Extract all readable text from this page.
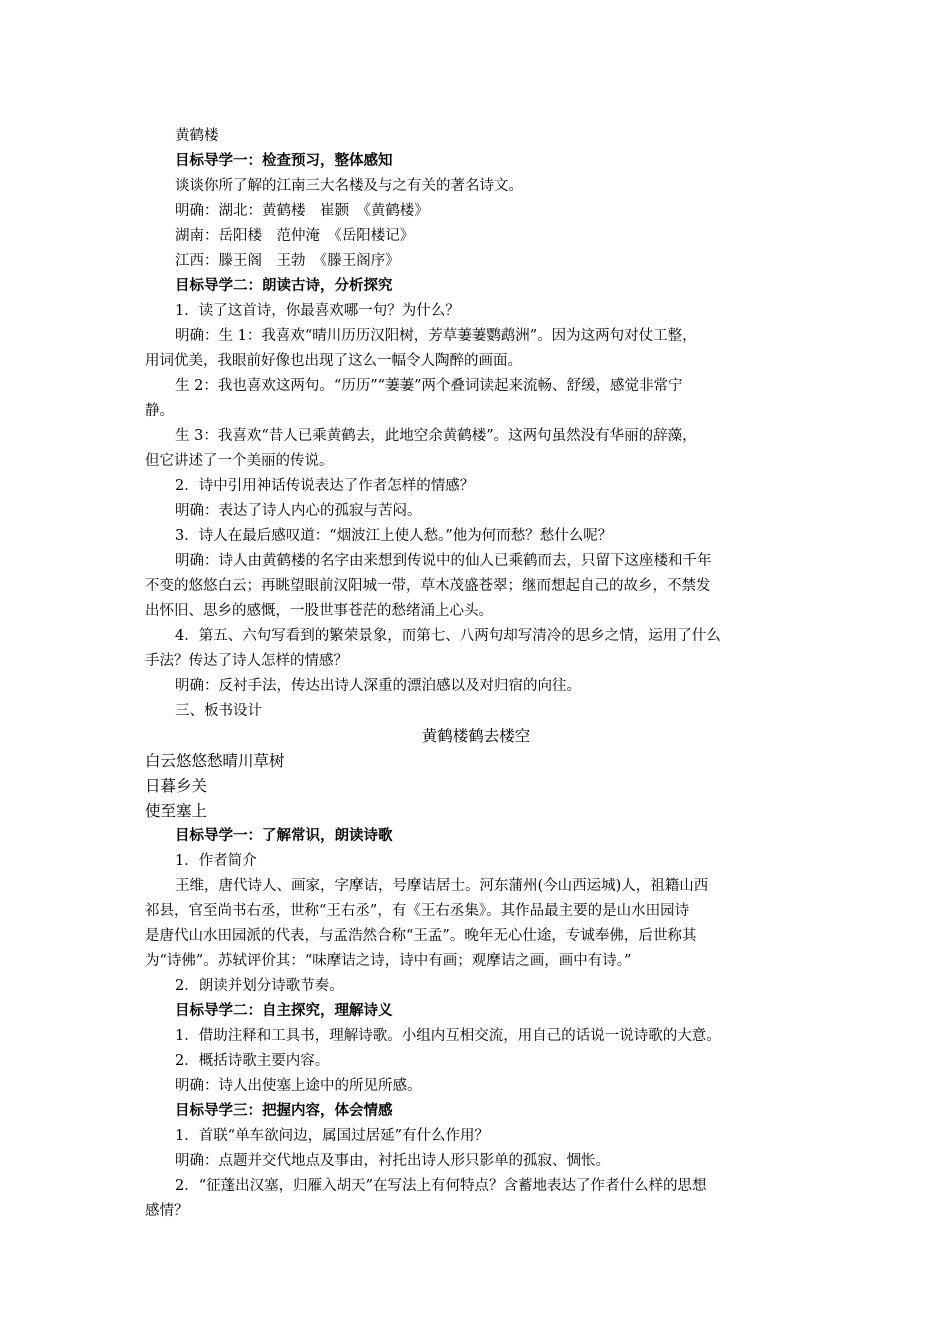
黄鹤楼
目标导学一：检查预习，整体感知
谈谈你所了解的江南三大名楼及与之有关的著名诗文。
明确：湖北：黄鹤楼　崔颢　《黄鹤楼》
湖南：岳阳楼　范仲淹　《岳阳楼记》
江西：滕王阁　王勃　《滕王阁序》
目标导学二：朗读古诗，分析探究
1．读了这首诗，你最喜欢哪一句？为什么？
明确：生 1：我喜欢“晴川历历汉阳树，芳草萋萋鹦鹉洲”。因为这两句对仗工整，
用词优美，我眼前好像也出现了这么一幅令人陶醉的画面。
生 2：我也喜欢这两句。“历历”“萋萋”两个叠词读起来流畅、舒缓，感觉非常宁
静。
生 3：我喜欢“昔人已乘黄鹤去，此地空余黄鹤楼”。这两句虽然没有华丽的辞藻，
但它讲述了一个美丽的传说。
2．诗中引用神话传说表达了作者怎样的情感？
明确：表达了诗人内心的孤寂与苦闷。
3．诗人在最后感叹道：“烟波江上使人愁。”他为何而愁？愁什么呢？
明确：诗人由黄鹤楼的名字由来想到传说中的仙人已乘鹤而去，只留下这座楼和千年
不变的悠悠白云；再眺望眼前汉阳城一带，草木茂盛苍翠；继而想起自己的故乡，不禁发
出怀旧、思乡的感慨，一股世事苍茫的愁绪涌上心头。
4．第五、六句写看到的繁荣景象，而第七、八两句却写清冷的思乡之情，运用了什么
手法？传达了诗人怎样的情感？
明确：反衬手法，传达出诗人深重的漂泊感以及对归宿的向往。
三、板书设计
黄鹤楼鹤去楼空
白云悠悠愁晴川草树
日暮乡关
使至塞上
目标导学一：了解常识，朗读诗歌
1．作者简介
王维，唐代诗人、画家，字摩诘，号摩诘居士。河东蒲州(今山西运城)人，祖籍山西
祁县，官至尚书右丞，世称“王右丞”，有《王右丞集》。其作品最主要的是山水田园诗
是唐代山水田园派的代表，与孟浩然合称“王孟”。晚年无心仕途，专诚奉佛，后世称其
为“诗佛”。苏轼评价其：“味摩诘之诗，诗中有画；观摩诘之画，画中有诗。”
2．朗读并划分诗歌节奏。
目标导学二：自主探究，理解诗义
1．借助注释和工具书，理解诗歌。小组内互相交流，用自己的话说一说诗歌的大意。
2．概括诗歌主要内容。
明确：诗人出使塞上途中的所见所感。
目标导学三：把握内容，体会情感
1．首联“单车欲问边，属国过居延”有什么作用？
明确：点题并交代地点及事由，衬托出诗人形只影单的孤寂、惆怅。
2．“征蓬出汉塞，归雁入胡天”在写法上有何特点？含蓄地表达了作者什么样的思想
感情？
